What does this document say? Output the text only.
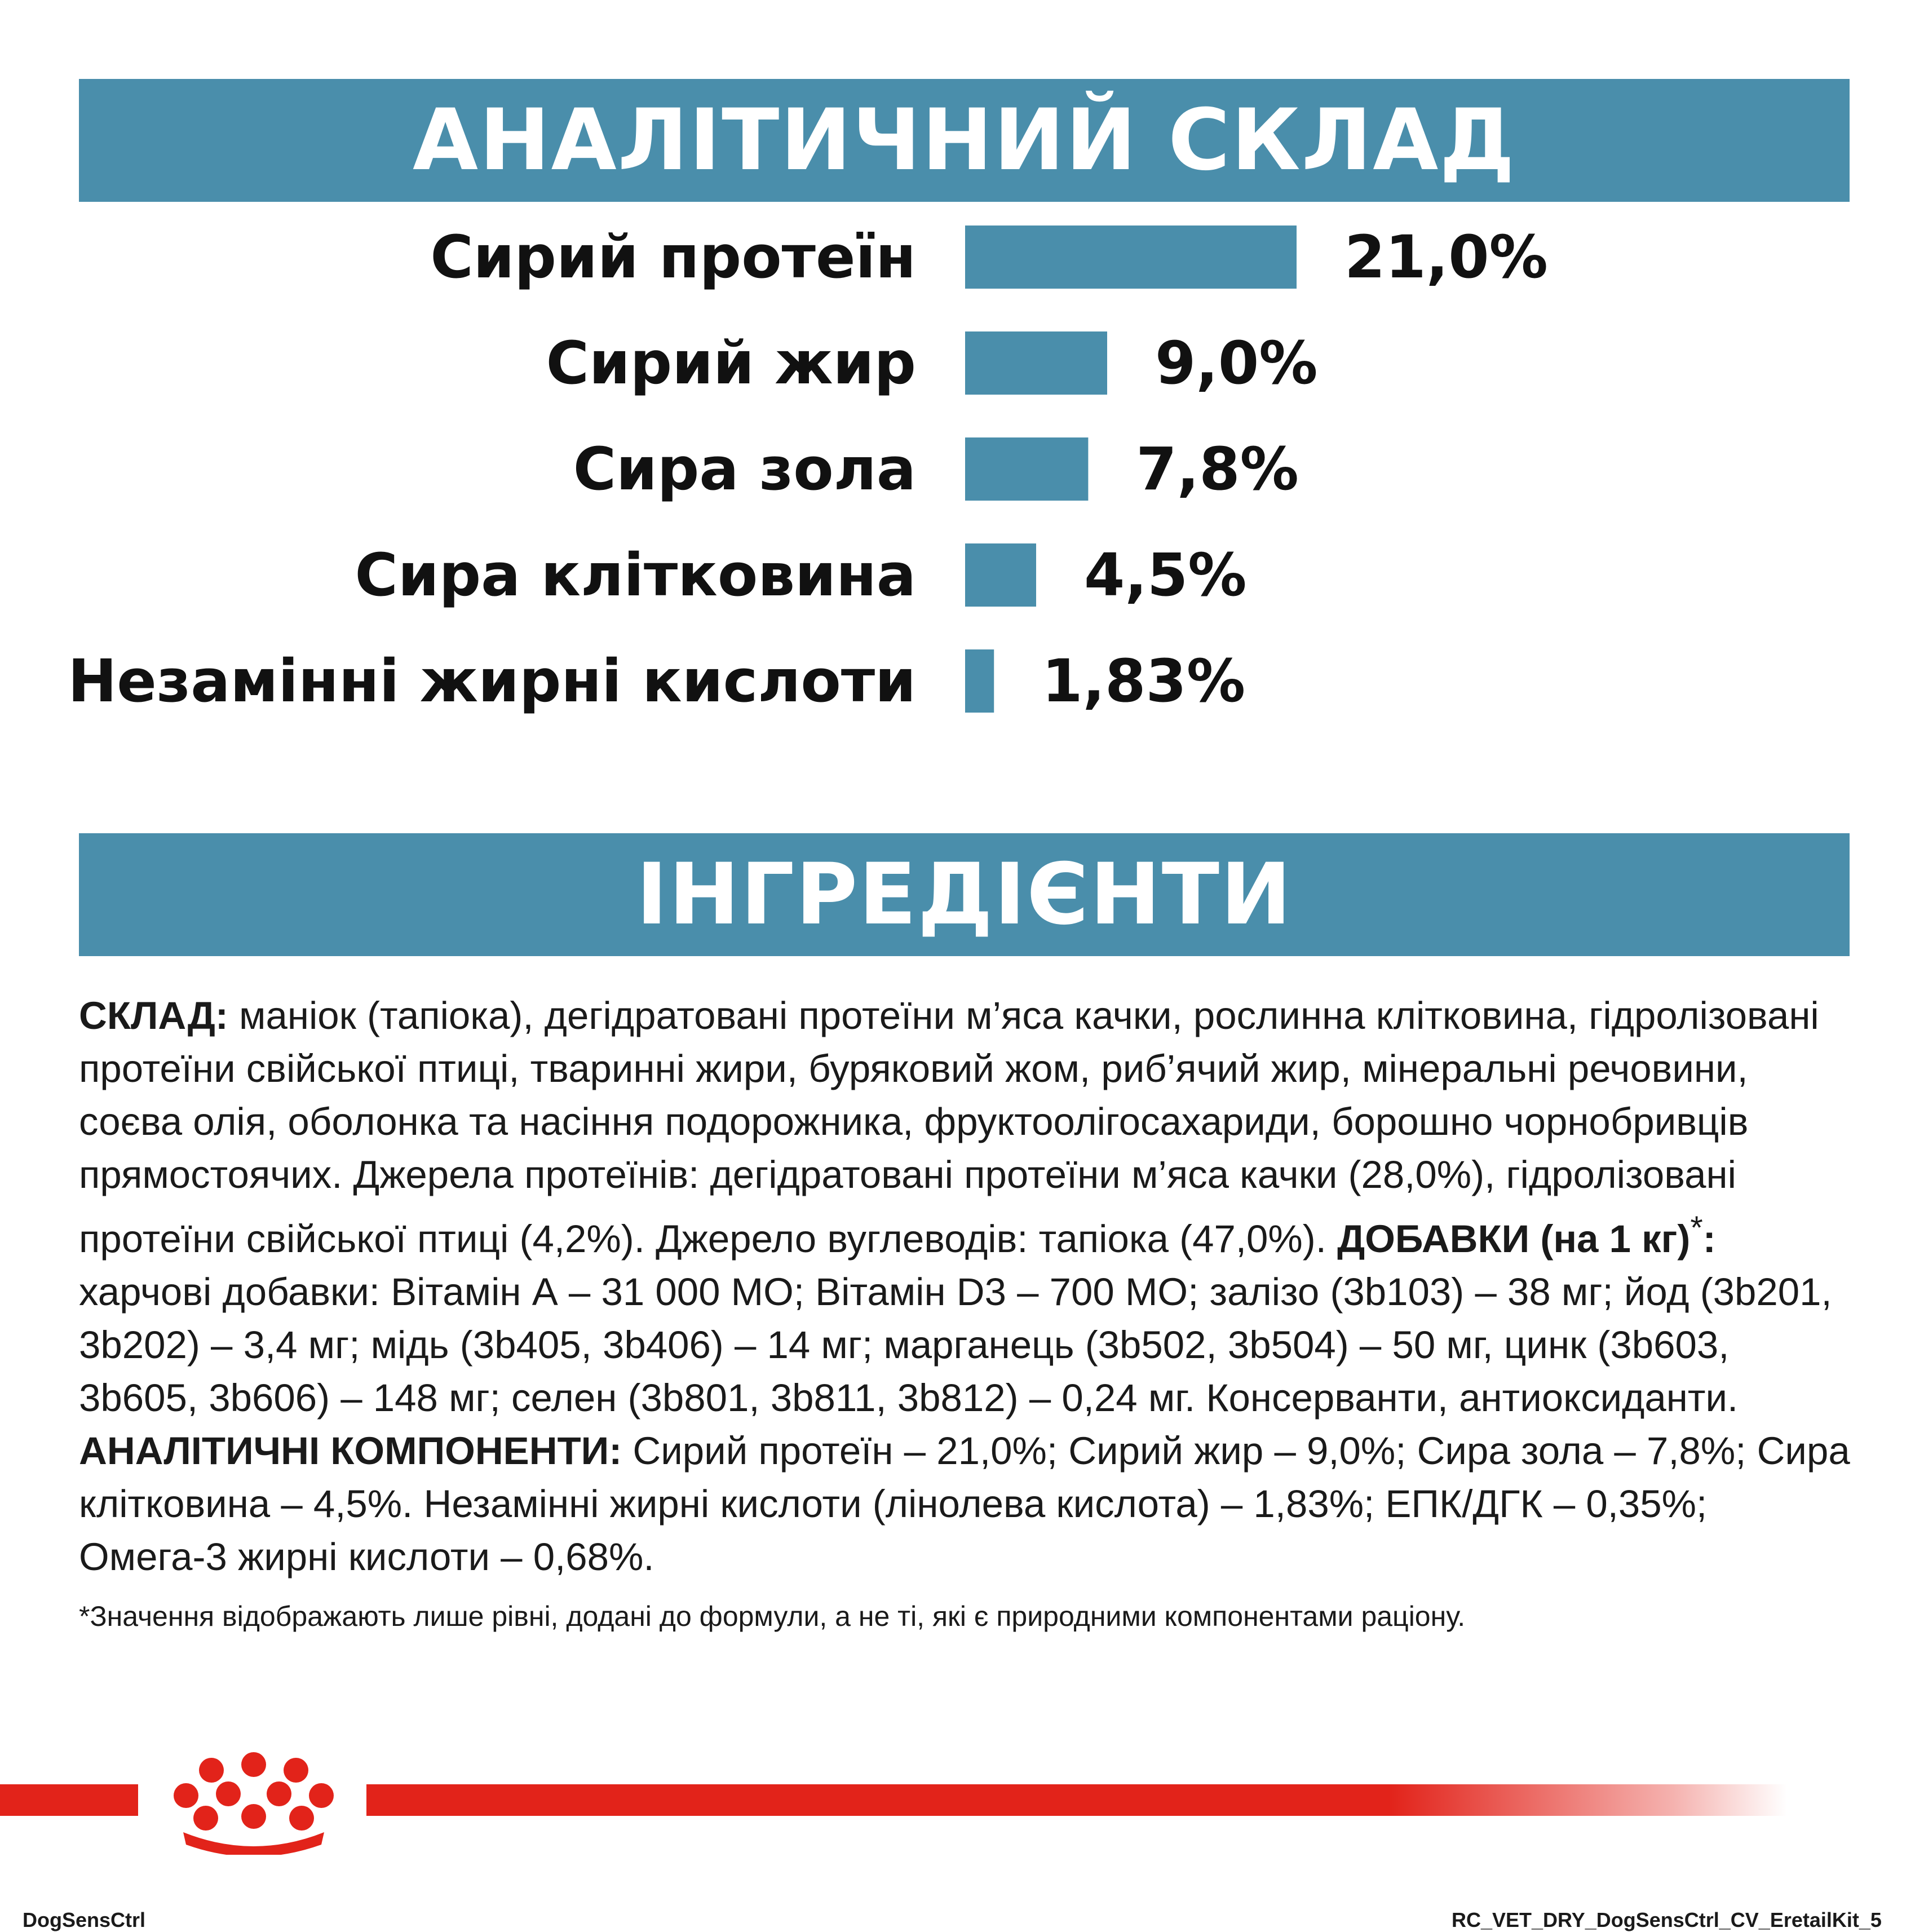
АНАЛІТИЧНИЙ СКЛАД
Сирий протеїн	21,0%
Сирий жир	9,0%
Сира зола	7,8%
Сира клітковина	4,5%
Незамінні жирні кислоти 1,83%
ІНГРЕДІЄНТИ

СКЛАД: маніок (тапіока), дегідратовані протеїни м’яса качки, рослинна клітковина, гідролізовані протеїни свійської птиці, тваринні жири, буряковий жом, риб’ячий жир, мінеральні речовини, соєва олія, оболонка та насіння подорожника, фруктоолігосахариди, борошно чорнобривців прямостоячих. Джерела протеїнів: дегідратовані протеїни м’яса качки (28,0%), гідролізовані протеїни свійської птиці (4,2%). Джерело вуглеводів: тапіока (47,0%). ДОБАВКИ (на 1 кг)*: харчові добавки: Вітамін А – 31 000 МО; Вітамін D3 – 700 МО; залізо (3b103) – 38 мг; йод (3b201, 3b202) – 3,4 мг; мідь (3b405, 3b406) – 14 мг; марганець (3b502, 3b504) – 50 мг, цинк (3b603, 3b605, 3b606) – 148 мг; селен (3b801, 3b811, 3b812) – 0,24 мг. Консерванти, антиоксиданти. АНАЛІТИЧНІ КОМПОНЕНТИ: Сирий протеїн – 21,0%; Сирий жир – 9,0%; Сира зола – 7,8%; Сира клітковина – 4,5%. Незамінні жирні кислоти (лінолева кислота) – 1,83%; ЕПК/ДГК – 0,35%; Омега-3 жирні кислоти – 0,68%.

*Значення відображають лише рівні, додані до формули, а не ті, які є природними компонентами раціону.

DogSensCtrl	RC_VET_DRY_DogSensCtrl_CV_EretailKit_5
